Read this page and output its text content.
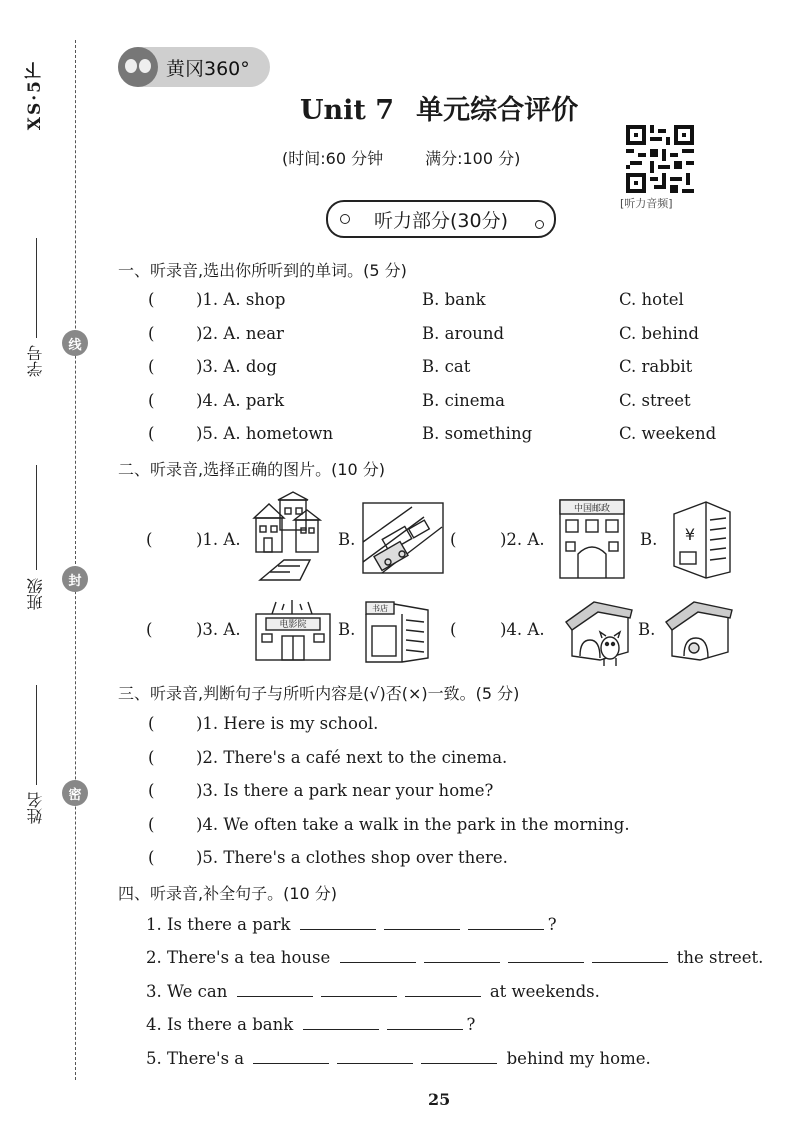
XS·5下
学号
班级
姓名
线
封
密
黄冈360°
Unit 7 单元综合评价
(时间:60 分钟	满分:100 分)
[听力音频]
听力部分(30分)
一、听录音,选出你所听到的单词。(5 分)
(	)1. A. shop	B. bank	C. hotel
(	)2. A. near	B. around	C. behind
(	)3. A. dog	B. cat	C. rabbit
(	)4. A. park	B. cinema	C. street
(	)5. A. hometown	B. something	C. weekend
二、听录音,选择正确的图片。(10 分)
(	)1. A.	B.	(	)2. A.
中国邮政
B. ¥
(	)3. A.	电影院 B.
书店
(	)4. A.	B.
三、听录音,判断句子与所听内容是(√)否(×)一致。(5 分)
(	)1. Here is my school.
(	)2. There's a café next to the cinema.
(	)3. Is there a park near your home?
(	)4. We often take a walk in the park in the morning.
(	)5. There's a clothes shop over there.
四、听录音,补全句子。(10 分)
1. Is there a park	?
2. There's a tea house	the street.
3. We can	at weekends.
4. Is there a bank	?
5. There's a	behind my home.
25
